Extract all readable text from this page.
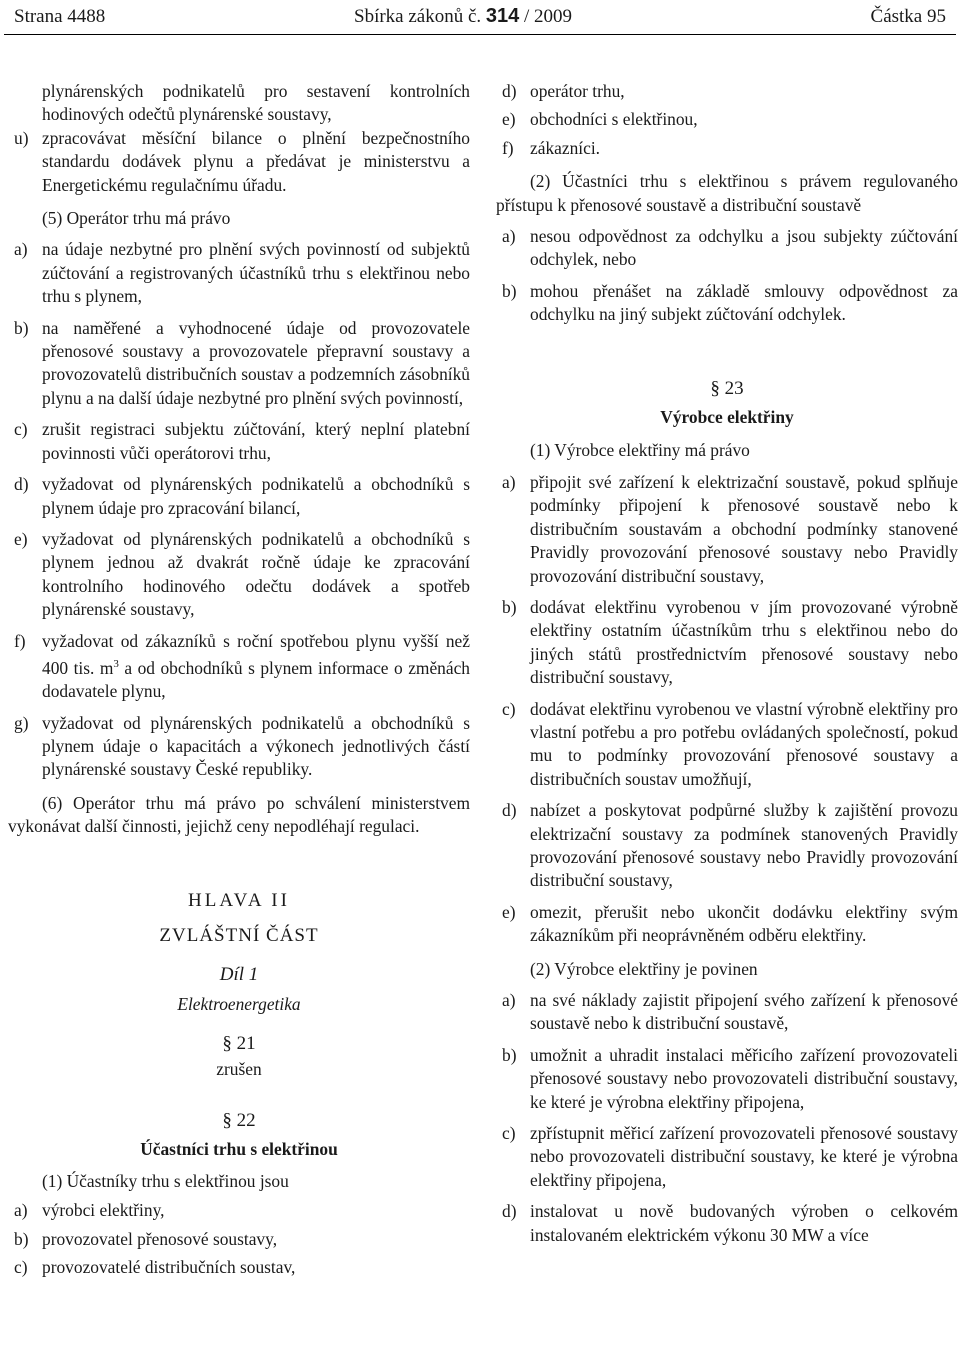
Strana 4488	Sbírka zákonů č. 314 / 2009	Částka 95
plynárenských podnikatelů pro sestavení kontrolních hodinových odečtů plynárenské soustavy,
u) zpracovávat měsíční bilance o plnění bezpečnostního standardu dodávek plynu a předávat je ministerstvu a Energetickému regulačnímu úřadu.
(5) Operátor trhu má právo
a) na údaje nezbytné pro plnění svých povinností od subjektů zúčtování a registrovaných účastníků trhu s elektřinou nebo trhu s plynem,
b) na naměřené a vyhodnocené údaje od provozovatele přenosové soustavy a provozovatele přepravní soustavy a provozovatelů distribučních soustav a podzemních zásobníků plynu a na další údaje nezbytné pro plnění svých povinností,
c) zrušit registraci subjektu zúčtování, který neplní platební povinnosti vůči operátorovi trhu,
d) vyžadovat od plynárenských podnikatelů a obchodníků s plynem údaje pro zpracování bilancí,
e) vyžadovat od plynárenských podnikatelů a obchodníků s plynem jednou až dvakrát ročně údaje ke zpracování kontrolního hodinového odečtu dodávek a spotřeb plynárenské soustavy,
f) vyžadovat od zákazníků s roční spotřebou plynu vyšší než 400 tis. $m^3$ a od obchodníků s plynem informace o změnách dodavatele plynu,
g) vyžadovat od plynárenských podnikatelů a obchodníků s plynem údaje o kapacitách a výkonech jednotlivých částí plynárenské soustavy České republiky.
(6) Operátor trhu má právo po schválení ministerstvem vykonávat další činnosti, jejichž ceny nepodléhají regulaci.
HLAVA II
ZVLÁŠTNÍ ČÁST
Díl 1
Elektroenergetika
§ 21
zrušen
§ 22
Účastníci trhu s elektřinou
(1) Účastníky trhu s elektřinou jsou
a) výrobci elektřiny,
b) provozovatel přenosové soustavy,
c) provozovatelé distribučních soustav,
d) operátor trhu,
e) obchodníci s elektřinou,
f) zákazníci.
(2) Účastníci trhu s elektřinou s právem regulovaného přístupu k přenosové soustavě a distribuční soustavě
a) nesou odpovědnost za odchylku a jsou subjekty zúčtování odchylek, nebo
b) mohou přenášet na základě smlouvy odpovědnost za odchylku na jiný subjekt zúčtování odchylek.
§ 23
Výrobce elektřiny
(1) Výrobce elektřiny má právo
a) připojit své zařízení k elektrizační soustavě, pokud splňuje podmínky připojení k přenosové soustavě nebo k distribučním soustavám a obchodní podmínky stanovené Pravidly provozování přenosové soustavy nebo Pravidly provozování distribuční soustavy,
b) dodávat elektřinu vyrobenou v jím provozované výrobně elektřiny ostatním účastníkům trhu s elektřinou nebo do jiných států prostřednictvím přenosové soustavy nebo distribuční soustavy,
c) dodávat elektřinu vyrobenou ve vlastní výrobně elektřiny pro vlastní potřebu a pro potřebu ovládaných společností, pokud mu to podmínky provozování přenosové soustavy a distribučních soustav umožňují,
d) nabízet a poskytovat podpůrné služby k zajištění provozu elektrizační soustavy za podmínek stanovených Pravidly provozování přenosové soustavy nebo Pravidly provozování distribuční soustavy,
e) omezit, přerušit nebo ukončit dodávku elektřiny svým zákazníkům při neoprávněném odběru elektřiny.
(2) Výrobce elektřiny je povinen
a) na své náklady zajistit připojení svého zařízení k přenosové soustavě nebo k distribuční soustavě,
b) umožnit a uhradit instalaci měřicího zařízení provozovateli přenosové soustavy nebo provozovateli distribuční soustavy, ke které je výrobna elektřiny připojena,
c) zpřístupnit měřicí zařízení provozovateli přenosové soustavy nebo provozovateli distribuční soustavy, ke které je výrobna elektřiny připojena,
d) instalovat u nově budovaných výroben o celkovém instalovaném elektrickém výkonu 30 MW a více
